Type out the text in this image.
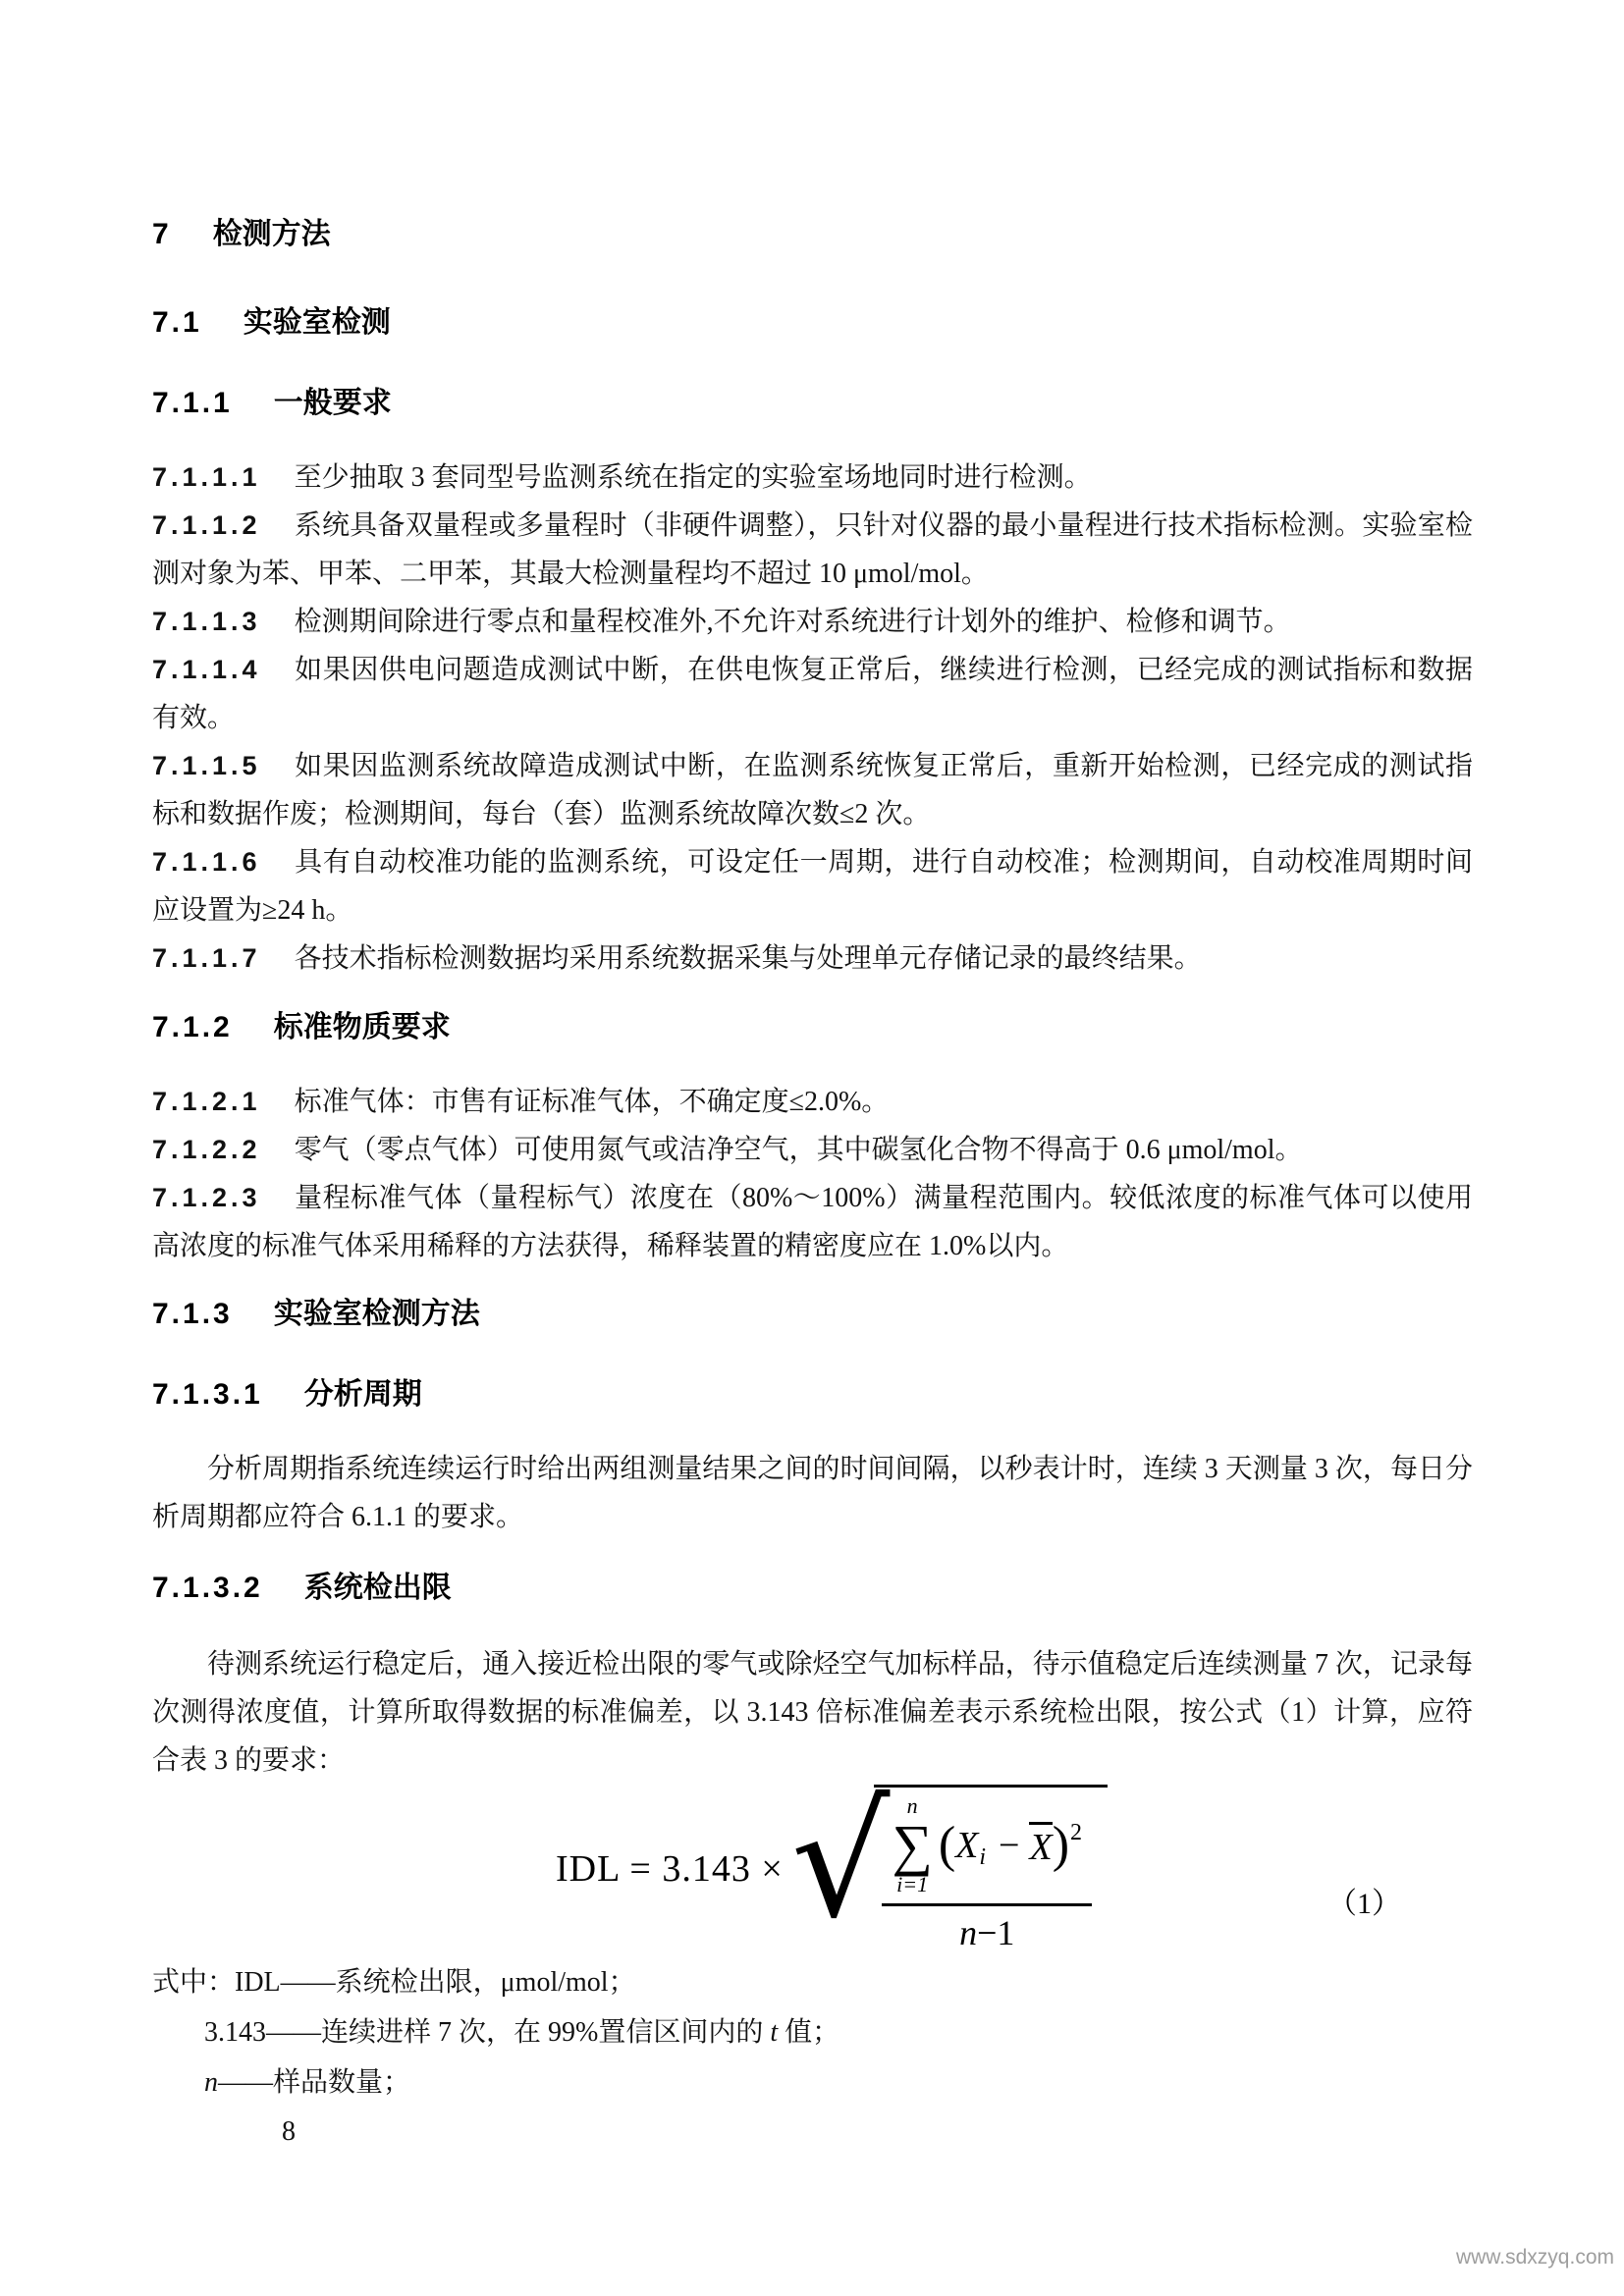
7 检测方法
7.1 实验室检测
7.1.1 一般要求

7.1.1.1 至少抽取 3 套同型号监测系统在指定的实验室场地同时进行检测。

7.1.1.2 系统具备双量程或多量程时（非硬件调整），只针对仪器的最小量程进行技术指标检测。实验室检测对象为苯、甲苯、二甲苯，其最大检测量程均不超过 10 μmol/mol。

7.1.1.3 检测期间除进行零点和量程校准外,不允许对系统进行计划外的维护、检修和调节。

7.1.1.4 如果因供电问题造成测试中断，在供电恢复正常后，继续进行检测，已经完成的测试指标和数据有效。

7.1.1.5 如果因监测系统故障造成测试中断，在监测系统恢复正常后，重新开始检测，已经完成的测试指标和数据作废；检测期间，每台（套）监测系统故障次数≤2 次。

7.1.1.6 具有自动校准功能的监测系统，可设定任一周期，进行自动校准；检测期间，自动校准周期时间应设置为≥24 h。

7.1.1.7 各技术指标检测数据均采用系统数据采集与处理单元存储记录的最终结果。

7.1.2 标准物质要求

7.1.2.1 标准气体：市售有证标准气体，不确定度≤2.0%。

7.1.2.2 零气（零点气体）可使用氮气或洁净空气，其中碳氢化合物不得高于 0.6 μmol/mol。

7.1.2.3 量程标准气体（量程标气）浓度在（80%～100%）满量程范围内。较低浓度的标准气体可以使用高浓度的标准气体采用稀释的方法获得，稀释装置的精密度应在 1.0%以内。

7.1.3 实验室检测方法
7.1.3.1 分析周期

分析周期指系统连续运行时给出两组测量结果之间的时间间隔，以秒表计时，连续 3 天测量 3 次，每日分析周期都应符合 6.1.1 的要求。

7.1.3.2 系统检出限

待测系统运行稳定后，通入接近检出限的零气或除烃空气加标样品，待示值稳定后连续测量 7 次，记录每次测得浓度值，计算所取得数据的标准偏差，以 3.143 倍标准偏差表示系统检出限，按公式（1）计算，应符合表 3 的要求：

IDL = 3.143 × √ n
∑
i=1
( X i − X ) 2
n−1
（1）

式中：IDL——系统检出限，μmol/mol；

3.143——连续进样 7 次，在 99%置信区间内的 t 值；

n——样品数量；

8
www.sdxzyq.com
